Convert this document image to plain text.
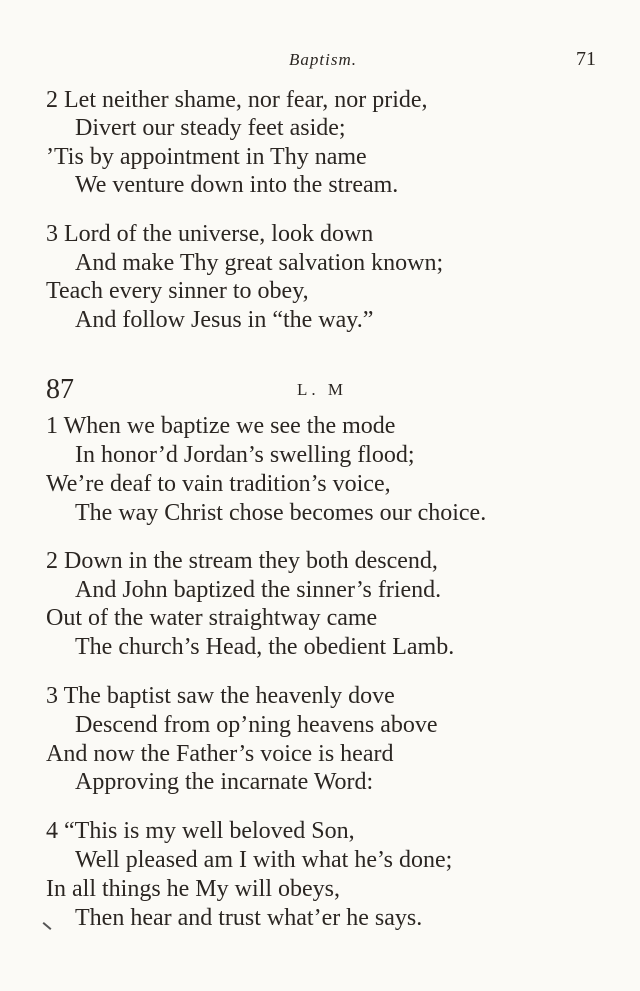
Baptism.	71
2 Let neither shame, nor fear, nor pride,
Divert our steady feet aside;
’Tis by appointment in Thy name
We venture down into the stream.
3 Lord of the universe, look down
And make Thy great salvation known;
Teach every sinner to obey,
And follow Jesus in “the way.”
87	L. M
1 When we baptize we see the mode
In honor’d Jordan’s swelling flood;
We’re deaf to vain tradition’s voice,
The way Christ chose becomes our choice.
2 Down in the stream they both descend,
And John baptized the sinner’s friend.
Out of the water straightway came
The church’s Head, the obedient Lamb.
3 The baptist saw the heavenly dove
Descend from op’ning heavens above
And now the Father’s voice is heard
Approving the incarnate Word:
4 “This is my well beloved Son,
Well pleased am I with what he’s done;
In all things he My will obeys,
Then hear and trust what’er he says.
